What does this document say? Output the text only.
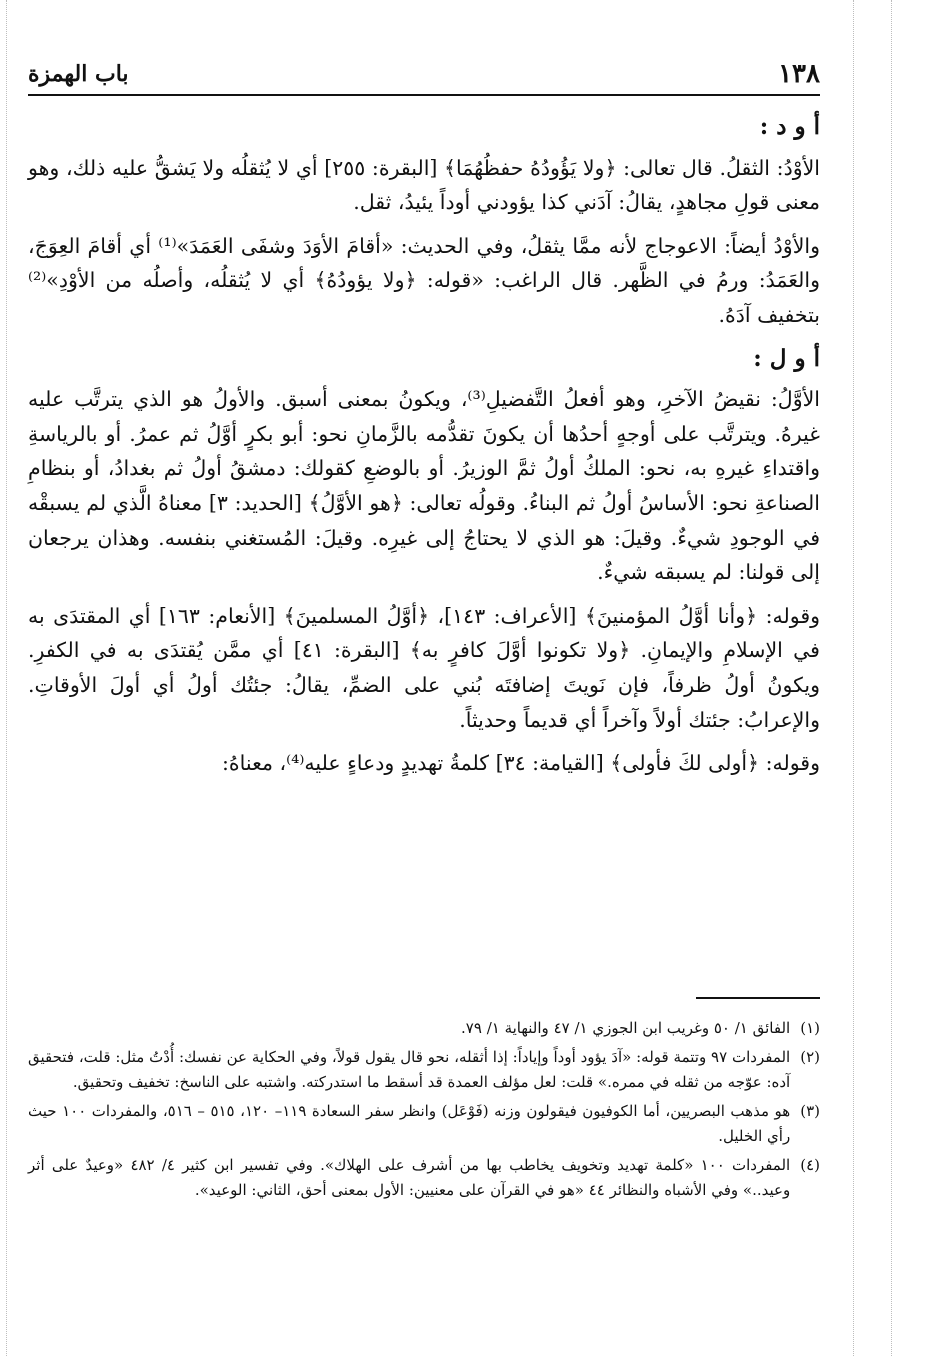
١٣٨
باب الهمزة

أ و د :

الأوْدُ: الثقلُ. قال تعالى: ﴿ولا يَؤُودُهُ حفظُهُمَا﴾ [البقرة: ٢٥٥] أي لا يُثقلُه ولا يَشقُّ عليه ذلك، وهو معنى قولِ مجاهدٍ، يقالُ: آدَني كذا يؤودني أوداً يئيدُ، ثقل.

والأوْدُ أيضاً: الاعوجاج لأنه ممَّا يثقلُ، وفي الحديث: «أقامَ الأوَدَ وشفَى العَمَدَ»⁽¹⁾ أي أقامَ العِوَجَ، والعَمَدُ: ورمُ في الظَّهر. قال الراغب: «قوله: ﴿ولا يؤودُهُ﴾ أي لا يُثقلُه، وأصلُه من الأوْدِ»⁽²⁾ بتخفيف آدَهُ.

أ و ل :

الأوَّلُ: نقيضُ الآخرِ، وهو أفعلُ التَّفضيلِ⁽³⁾، ويكونُ بمعنى أسبق. والأولُ هو الذي يترتَّب عليه غيرهُ. ويترتَّب على أوجهٍ أحدُها أن يكونَ تقدُّمه بالزَّمانِ نحو: أبو بكرٍ أوَّلُ ثم عمرُ. أو بالرياسةِ واقتداءِ غيرهِ به، نحو: الملكُ أولُ ثمَّ الوزيرُ. أو بالوضعِ كقولك: دمشقُ أولُ ثم بغدادُ، أو بنظامِ الصناعةِ نحو: الأساسُ أولُ ثم البناءُ. وقولُه تعالى: ﴿هو الأوَّلُ﴾ [الحديد: ٣] معناهُ الَّذي لم يسبقْه في الوجودِ شيءٌ. وقيلَ: هو الذي لا يحتاجُ إلى غيرِه. وقيلَ: المُستغني بنفسه. وهذان يرجعان إلى قولنا: لم يسبقه شيءٌ.

وقوله: ﴿وأنا أوَّلُ المؤمنينَ﴾ [الأعراف: ١٤٣]، ﴿أوَّلُ المسلمينَ﴾ [الأنعام: ١٦٣] أي المقتدَى به في الإسلامِ والإيمانِ. ﴿ولا تكونوا أوَّلَ كافرٍ به﴾ [البقرة: ٤١] أي ممَّن يُقتدَى به في الكفرِ. ويكونُ أولُ ظرفاً، فإن نَويتَ إضافتَه بُني على الضمِّ، يقالُ: جئتُك أولُ أي أولَ الأوقاتِ. والإعرابُ: جئتك أولاً وآخراً أي قديماً وحديثاً.

وقوله: ﴿أولى لكَ فأولى﴾ [القيامة: ٣٤] كلمةُ تهديدٍ ودعاءٍ عليه⁽⁴⁾، معناهُ:

(١)
الفائق ١/ ٥٠ وغريب ابن الجوزي ١/ ٤٧ والنهاية ١/ ٧٩.
(٢)
المفردات ٩٧ وتتمة قوله: «آدَ يؤود أوداً وإياداً: إذا أثقله، نحو قال يقول قولاً، وفي الحكاية عن نفسك: أُدْتُ مثل: قلت، فتحقيق آده: عوّجه من ثقله في ممره.» قلت: لعل مؤلف العمدة قد أسقط ما استدركته. واشتبه على الناسخ: تخفيف وتحقيق.
(٣)
هو مذهب البصريين، أما الكوفيون فيقولون وزنه (فَوْعَل) وانظر سفر السعادة ١١٩– ١٢٠، ٥١٥ – ٥١٦، والمفردات ١٠٠ حيث رأي الخليل.
(٤)
المفردات ١٠٠ «كلمة تهديد وتخويف يخاطب بها من أشرف على الهلاك». وفي تفسير ابن كثير ٤/ ٤٨٢ «وعيدٌ على أثر وعيد..» وفي الأشباه والنظائر ٤٤ «هو في القرآن على معنيين: الأول بمعنى أحق، الثاني: الوعيد».
